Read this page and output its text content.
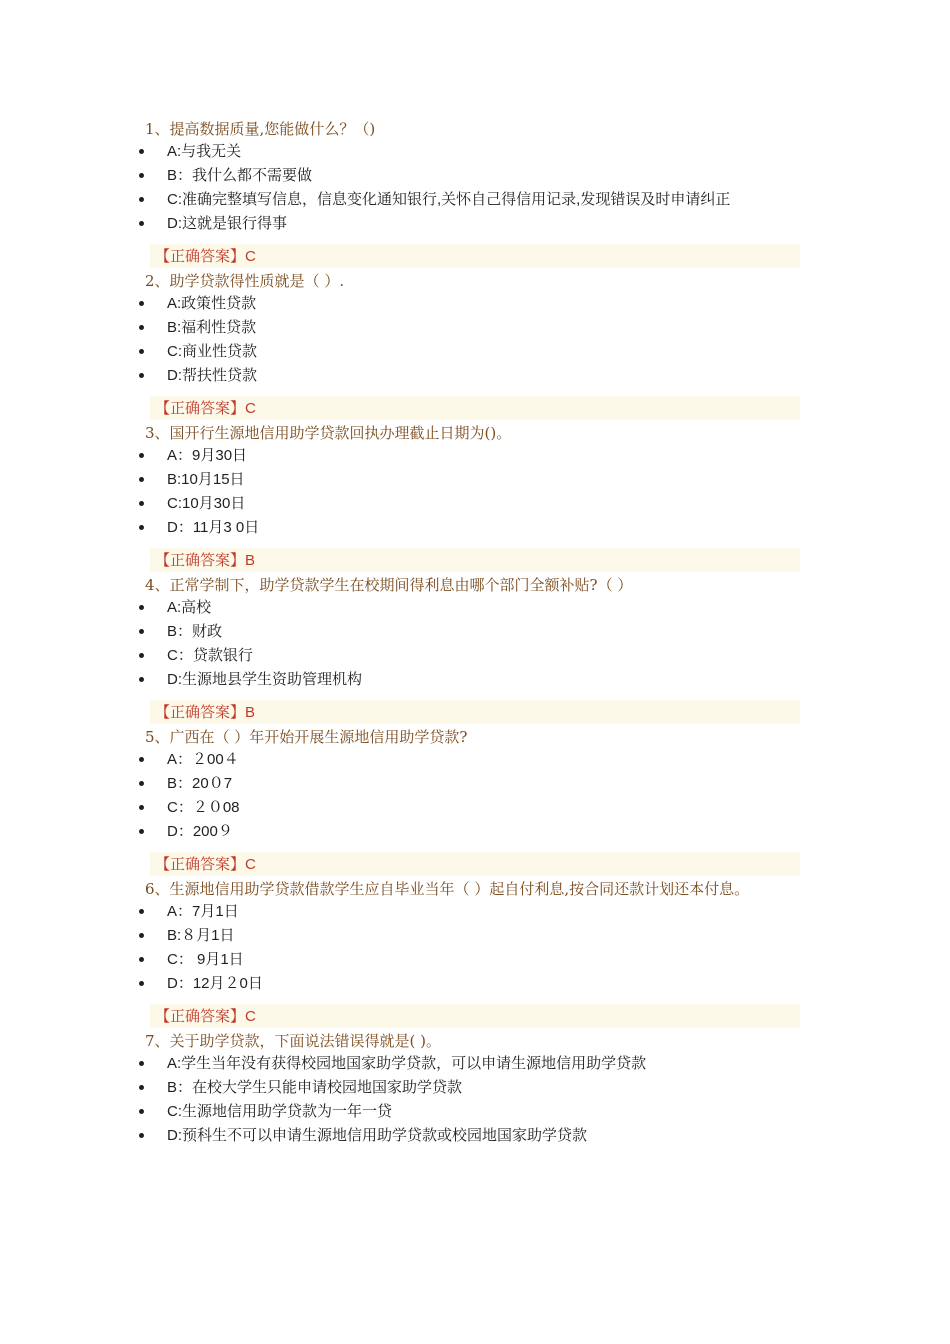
1、提高数据质量,您能做什么？（)

A:与我无关
B：我什么都不需要做
C:准确完整填写信息，信息变化通知银行,关怀自己得信用记录,发现错误及时申请纠正
D:这就是银行得事
【正确答案】C

2、助学贷款得性质就是（ ）.

A:政策性贷款
B:福利性贷款
C:商业性贷款
D:帮扶性贷款
【正确答案】C

3、国开行生源地信用助学贷款回执办理截止日期为()。

A：9月30日
B:10月15日
C:10月30日
D：11月3 0日
【正确答案】B

4、正常学制下，助学贷款学生在校期间得利息由哪个部门全额补贴?（ ）

A:高校
B：财政
C：贷款银行
D:生源地县学生资助管理机构
【正确答案】B

5、广西在（ ）年开始开展生源地信用助学贷款?

A：２00４
B：20０7
C：２０08
D：200９
【正确答案】C

6、生源地信用助学贷款借款学生应自毕业当年（ ）起自付利息,按合同还款计划还本付息。

A：7月1日
B:８月1日
C： 9月1日
D：12月２0日
【正确答案】C

7、关于助学贷款，下面说法错误得就是( )。

A:学生当年没有获得校园地国家助学贷款，可以申请生源地信用助学贷款
B：在校大学生只能申请校园地国家助学贷款
C:生源地信用助学贷款为一年一贷
D:预科生不可以申请生源地信用助学贷款或校园地国家助学贷款
